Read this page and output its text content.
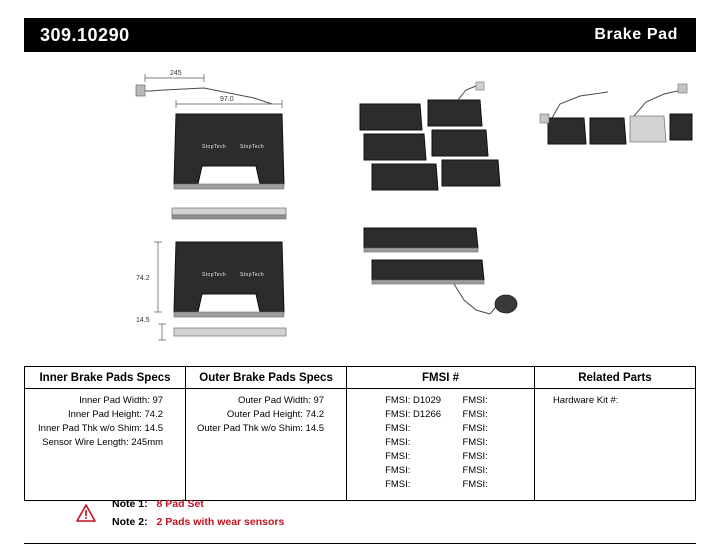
309.10290	Brake Pad
245
97.0
StopTech	StopTech
StopTech	StopTech
74.2
14.5
Inner Brake Pads Specs	Outer Brake Pads Specs	FMSI #	Related Parts

Inner Pad Width: 97
Inner Pad Height: 74.2
Inner Pad Thk w/o Shim: 14.5
Sensor Wire Length: 245mm

Outer Pad Width: 97
Outer Pad Height: 74.2
Outer Pad Thk w/o Shim: 14.5

FMSI: D1029
FMSI: D1266
FMSI:
FMSI:
FMSI:
FMSI:
FMSI:
FMSI:
FMSI:
FMSI:
FMSI:
FMSI:
FMSI:
FMSI:

Hardware Kit #:
Note 1: 8 Pad Set
Note 2: 2 Pads with wear sensors
